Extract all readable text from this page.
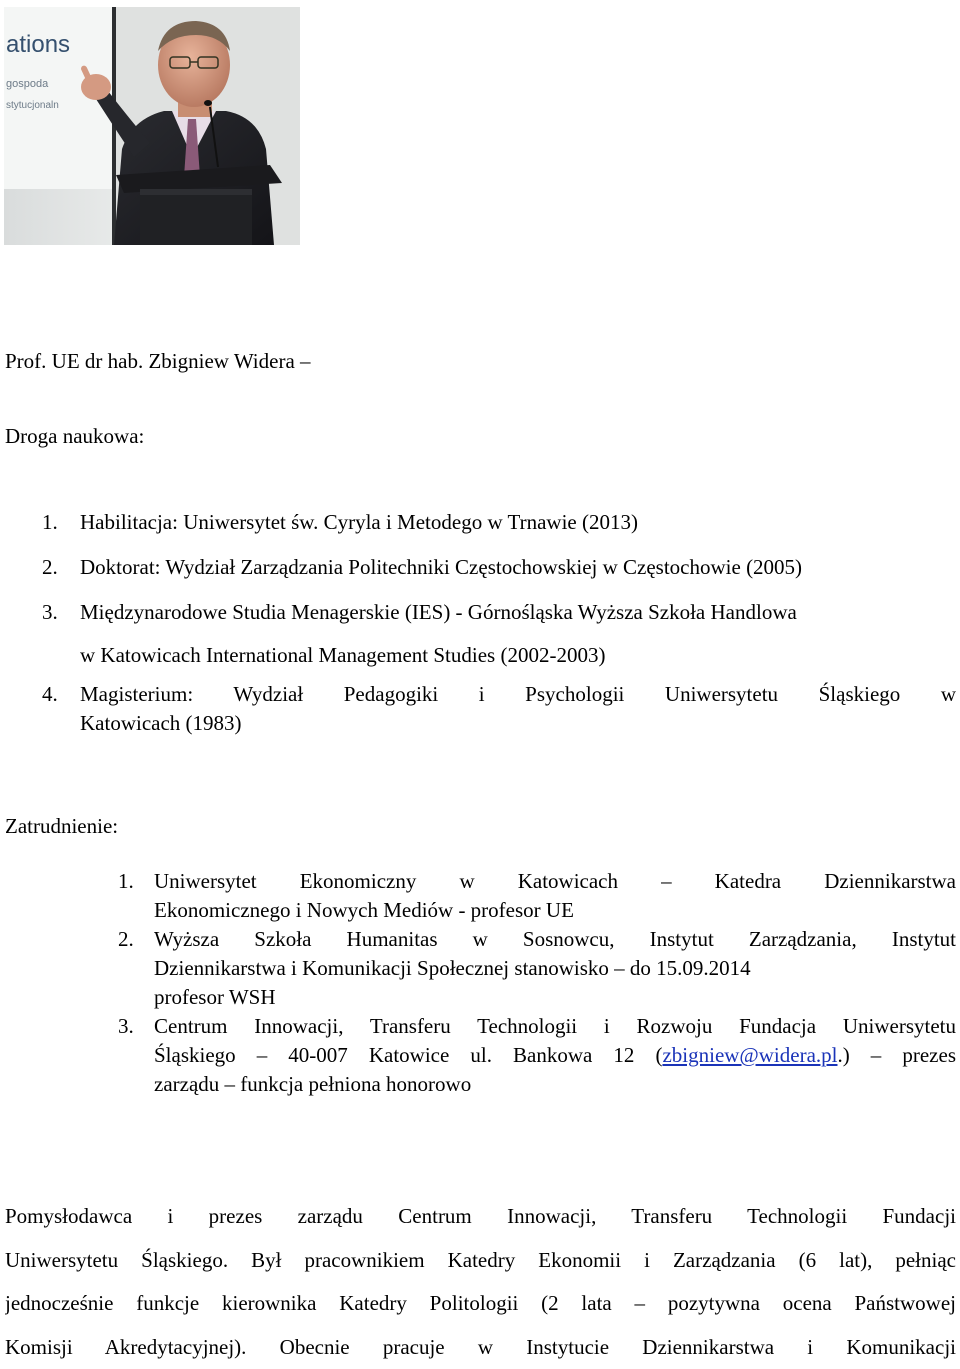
ations
gospoda
stytucjonaln
Prof. UE dr hab. Zbigniew Widera –
Droga naukowa:
1. Habilitacja: Uniwersytet św. Cyryla i Metodego w Trnawie (2013)
2. Doktorat: Wydział Zarządzania Politechniki Częstochowskiej w Częstochowie (2005)
3. Międzynarodowe Studia Menagerskie (IES) - Górnośląska Wyższa Szkoła Handlowa
w Katowicach International Management Studies (2002-2003)
4. Magisterium: Wydział Pedagogiki i Psychologii Uniwersytetu Śląskiego w
Katowicach (1983)
Zatrudnienie:
1. Uniwersytet Ekonomiczny w Katowicach – Katedra Dziennikarstwa
Ekonomicznego i Nowych Mediów - profesor UE
2. Wyższa Szkoła Humanitas w Sosnowcu, Instytut Zarządzania, Instytut
Dziennikarstwa i Komunikacji Społecznej stanowisko – do 15.09.2014
profesor WSH
3. Centrum Innowacji, Transferu Technologii i Rozwoju Fundacja Uniwersytetu
Śląskiego – 40-007 Katowice ul. Bankowa 12 (zbigniew@widera.pl.) – prezes
zarządu – funkcja pełniona honorowo
Pomysłodawca i prezes zarządu Centrum Innowacji, Transferu Technologii Fundacji
Uniwersytetu Śląskiego. Był pracownikiem Katedry Ekonomii i Zarządzania (6 lat), pełniąc
jednocześnie funkcje kierownika Katedry Politologii (2 lata – pozytywna ocena Państwowej
Komisji Akredytacyjnej). Obecnie pracuje w Instytucie Dziennikarstwa i Komunikacji
